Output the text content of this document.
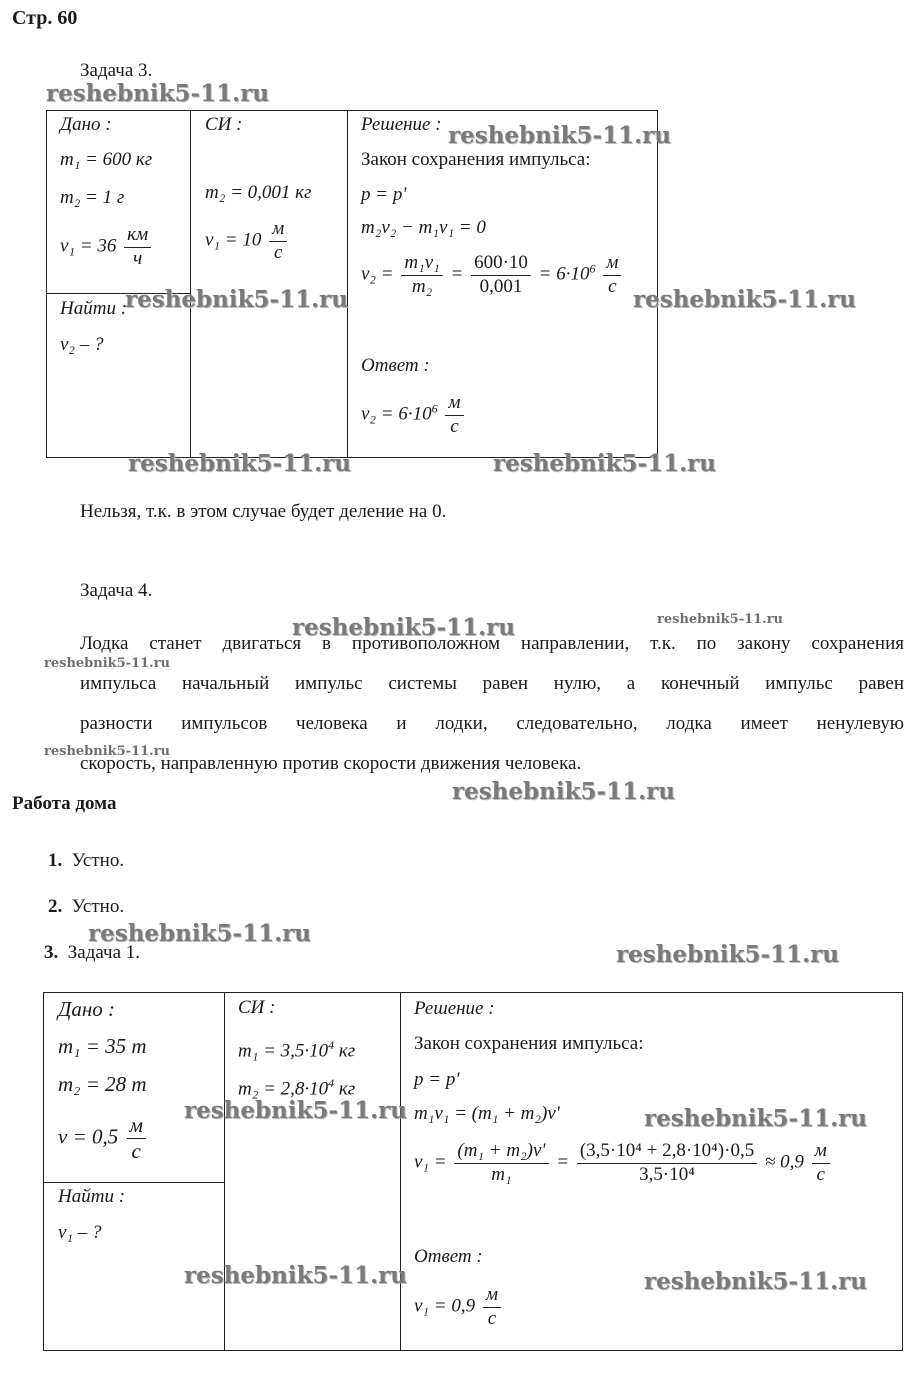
Стр. 60
Задача 3.
Дано :
m₁ = 600 кг
m₂ = 1 г
$v_1 = 36 \frac{км}{ч}$
СИ :
m₂ = 0,001 кг
$v_1 = 10 \frac{м}{с}$
Найти :
v₂ – ?
Решение :
Закон сохранения импульса:
p = p'
m₂v₂ − m₁v₁ = 0
$v_2 = \frac{\text{m₁v₁}}{\text{m₂}} = \frac{600\cdot 10}{0,001} = 6\cdot 10^6 \frac{м}{с}$
Ответ :
$v_2 = 6\cdot 10^6 \frac{м}{с}$
Нельзя, т.к. в этом случае будет деление на 0.
Задача 4.
Лодка станет двигаться в противоположном направлении, т.к. по закону сохранения
импульса начальный импульс системы равен нулю, а конечный импульс равен
разности импульсов человека и лодки, следовательно, лодка имеет ненулевую
скорость, направленную против скорости движения человека.
Работа дома
1. Устно.
2. Устно.
3. Задача 1.
Дано :
m₁ = 35 т
m₂ = 28 т
$v = 0,5 \frac{м}{с}$
СИ :
$m_1 = 3,5\cdot 10^4$ кг
$m_2 = 2,8\cdot 10^4$ кг
Найти :
v₁ – ?
Решение :
Закон сохранения импульса:
p = p'
m₁v₁ = (m₁ + m₂)v'
$v_1 = \frac{\text{(m₁ + m₂)v'}}{\text{m₁}} = \frac{\text{(3,5·10⁴ + 2,8·10⁴)·0,5}}{\text{3,5·10⁴}} \approx 0,9 \frac{м}{с}$
Ответ :
$v_1 = 0,9 \frac{м}{с}$
reshebnik5-11.ru
reshebnik5-11.ru
reshebnik5-11.ru	reshebnik5-11.ru
reshebnik5-11.ru	reshebnik5-11.ru
reshebnik5-11.ru	reshebnik5-11.ru
reshebnik5-11.ru
reshebnik5-11.ru
reshebnik5-11.ru
reshebnik5-11.ru
reshebnik5-11.ru
reshebnik5-11.ru	reshebnik5-11.ru
reshebnik5-11.ru	reshebnik5-11.ru
